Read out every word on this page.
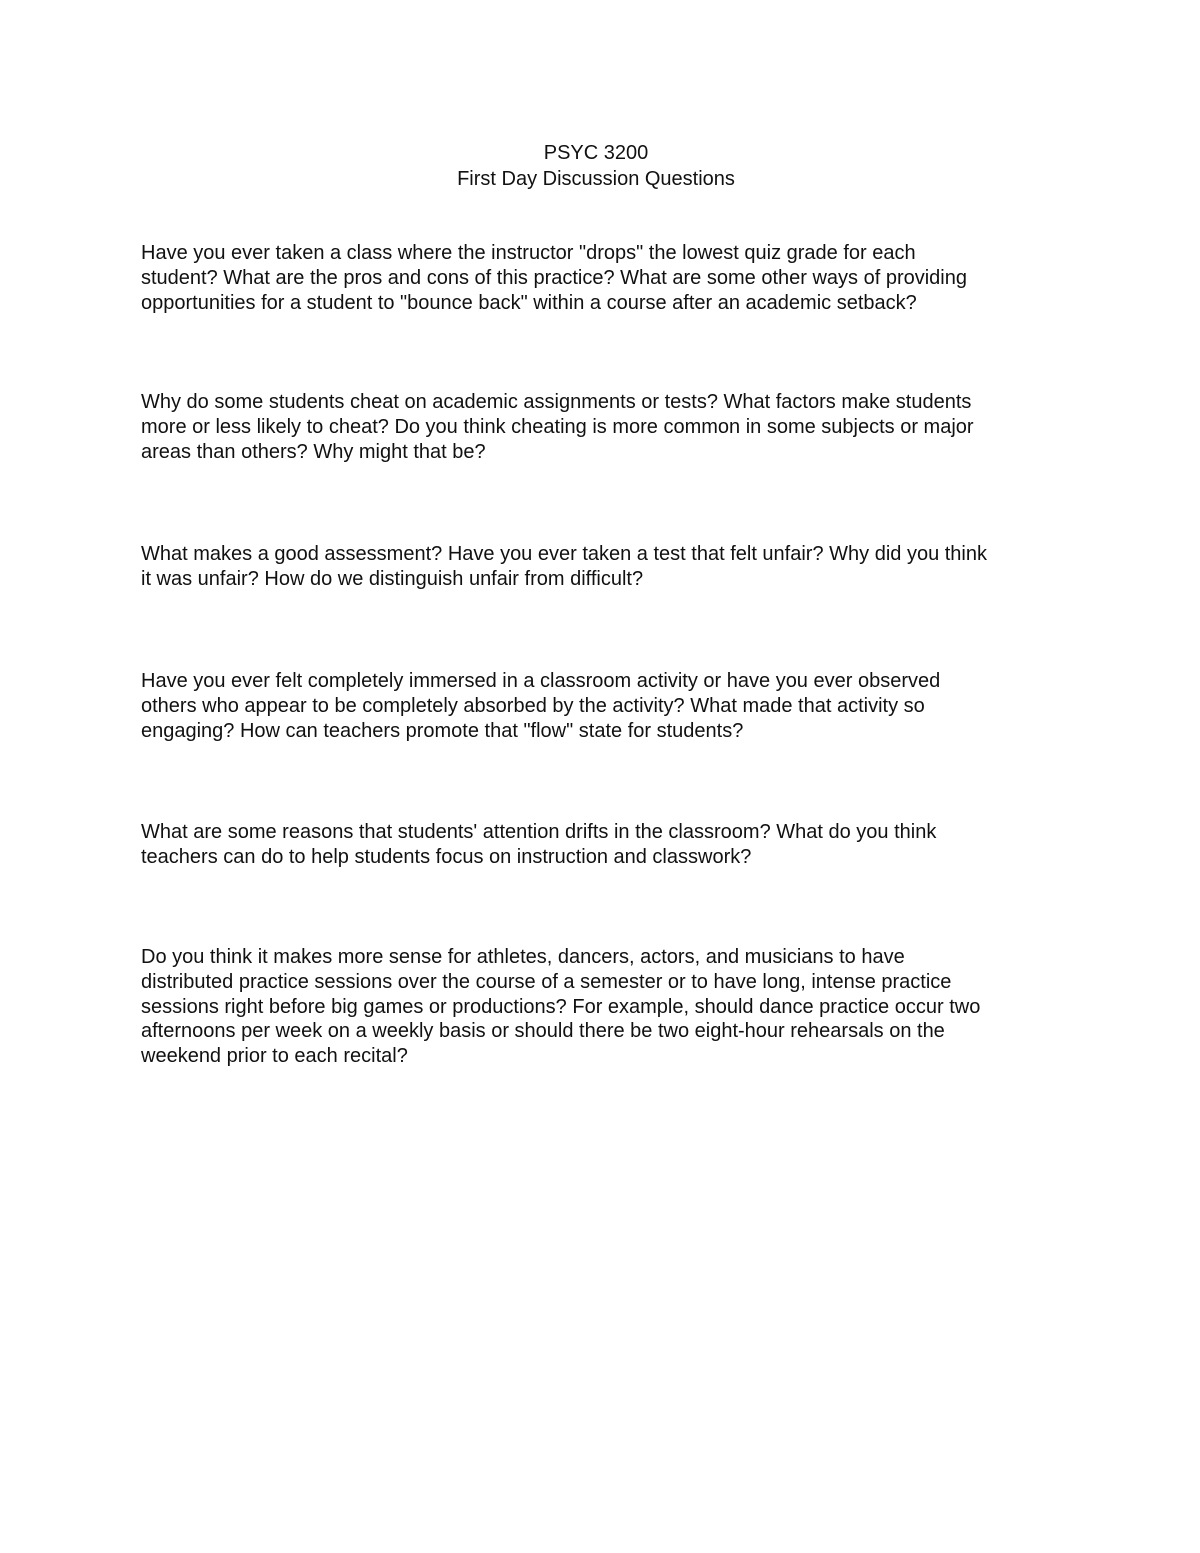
PSYC 3200
First Day Discussion Questions

Have you ever taken a class where the instructor "drops" the lowest quiz grade for each
student? What are the pros and cons of this practice? What are some other ways of providing
opportunities for a student to "bounce back" within a course after an academic setback?

Why do some students cheat on academic assignments or tests? What factors make students
more or less likely to cheat? Do you think cheating is more common in some subjects or major
areas than others? Why might that be?

What makes a good assessment? Have you ever taken a test that felt unfair? Why did you think
it was unfair? How do we distinguish unfair from difficult?

Have you ever felt completely immersed in a classroom activity or have you ever observed
others who appear to be completely absorbed by the activity? What made that activity so
engaging? How can teachers promote that "flow" state for students?

What are some reasons that students' attention drifts in the classroom? What do you think
teachers can do to help students focus on instruction and classwork?

Do you think it makes more sense for athletes, dancers, actors, and musicians to have
distributed practice sessions over the course of a semester or to have long, intense practice
sessions right before big games or productions? For example, should dance practice occur two
afternoons per week on a weekly basis or should there be two eight-hour rehearsals on the
weekend prior to each recital?
